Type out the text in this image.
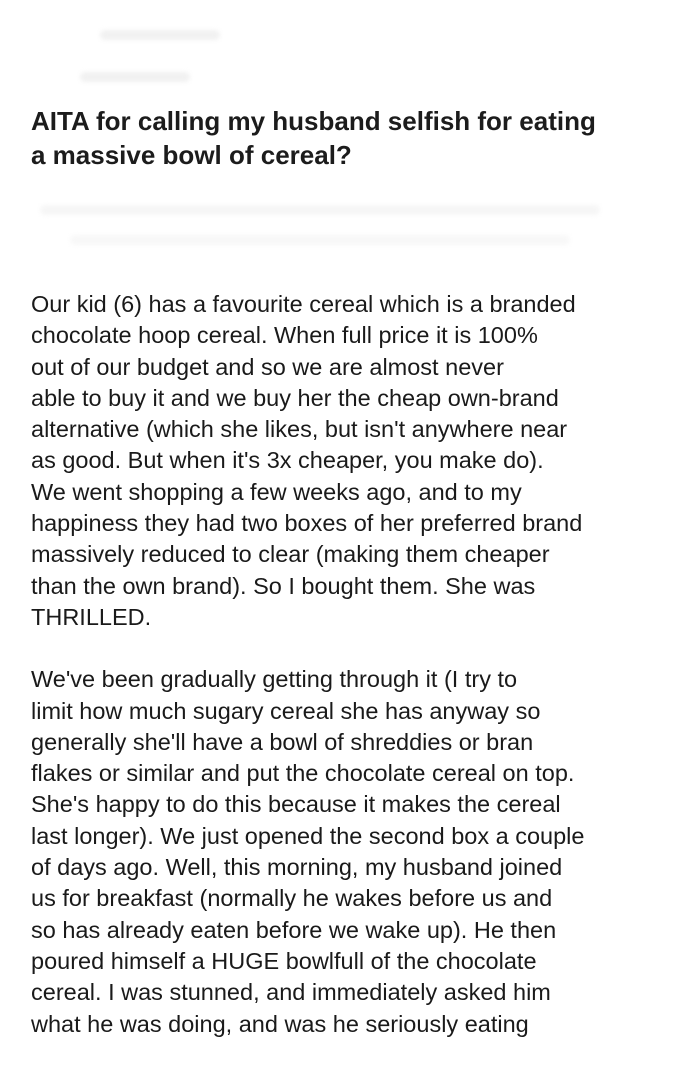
AITA for calling my husband selfish for eating
a massive bowl of cereal?
Our kid (6) has a favourite cereal which is a branded
chocolate hoop cereal. When full price it is 100%
out of our budget and so we are almost never
able to buy it and we buy her the cheap own-brand
alternative (which she likes, but isn't anywhere near
as good. But when it's 3x cheaper, you make do).
We went shopping a few weeks ago, and to my
happiness they had two boxes of her preferred brand
massively reduced to clear (making them cheaper
than the own brand). So I bought them. She was
THRILLED.
We've been gradually getting through it (I try to
limit how much sugary cereal she has anyway so
generally she'll have a bowl of shreddies or bran
flakes or similar and put the chocolate cereal on top.
She's happy to do this because it makes the cereal
last longer). We just opened the second box a couple
of days ago. Well, this morning, my husband joined
us for breakfast (normally he wakes before us and
so has already eaten before we wake up). He then
poured himself a HUGE bowlfull of the chocolate
cereal. I was stunned, and immediately asked him
what he was doing, and was he seriously eating
